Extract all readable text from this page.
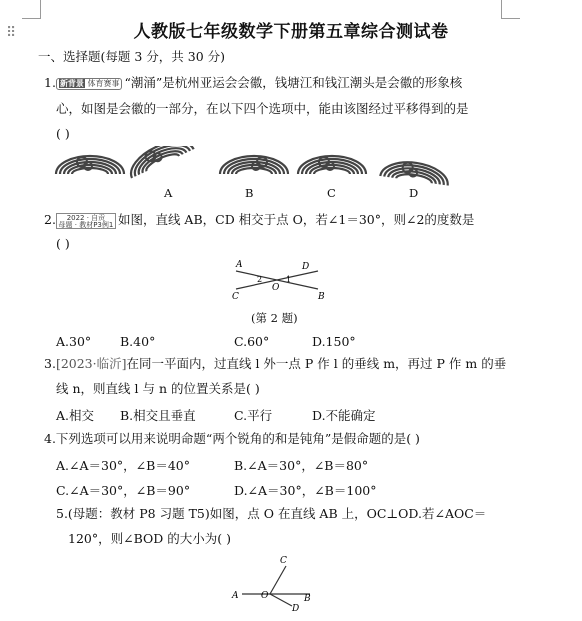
⠿	人教版七年级数学下册第五章综合测试卷
一、选择题(每题 3 分，共 30 分)
1. 新背景 体育赛事 “潮涌”是杭州亚运会会徽，钱塘江和钱江潮头是会徽的形象核
心，如图是会徽的一部分，在以下四个选项中，能由该图经过平移得到的是
( )
A	B	C	D
2. 2022 · 自贡
母题 · 教材P3例1 如图，直线 AB，CD 相交于点 O，若∠1＝30°，则∠2的度数是
( )
A
B
C
D
O
2	1
(第 2 题)
A.30° B.40°	C.60°	D.150°
3.[2023·临沂]在同一平面内，过直线 l 外一点 P 作 l 的垂线 m，再过 P 作 m 的垂
线 n，则直线 l 与 n 的位置关系是( )
A.相交 B.相交且垂直	C.平行	D.不能确定
4.下列选项可以用来说明命题“两个锐角的和是钝角”是假命题的是( )
A.∠A＝30°，∠B＝40°	B.∠A＝30°，∠B＝80°
C.∠A＝30°，∠B＝90°	D.∠A＝30°，∠B＝100°
5.(母题：教材 P8 习题 T5)如图，点 O 在直线 AB 上，OC⊥OD.若∠AOC＝
120°，则∠BOD 的大小为( )
A	B
C
D
O
